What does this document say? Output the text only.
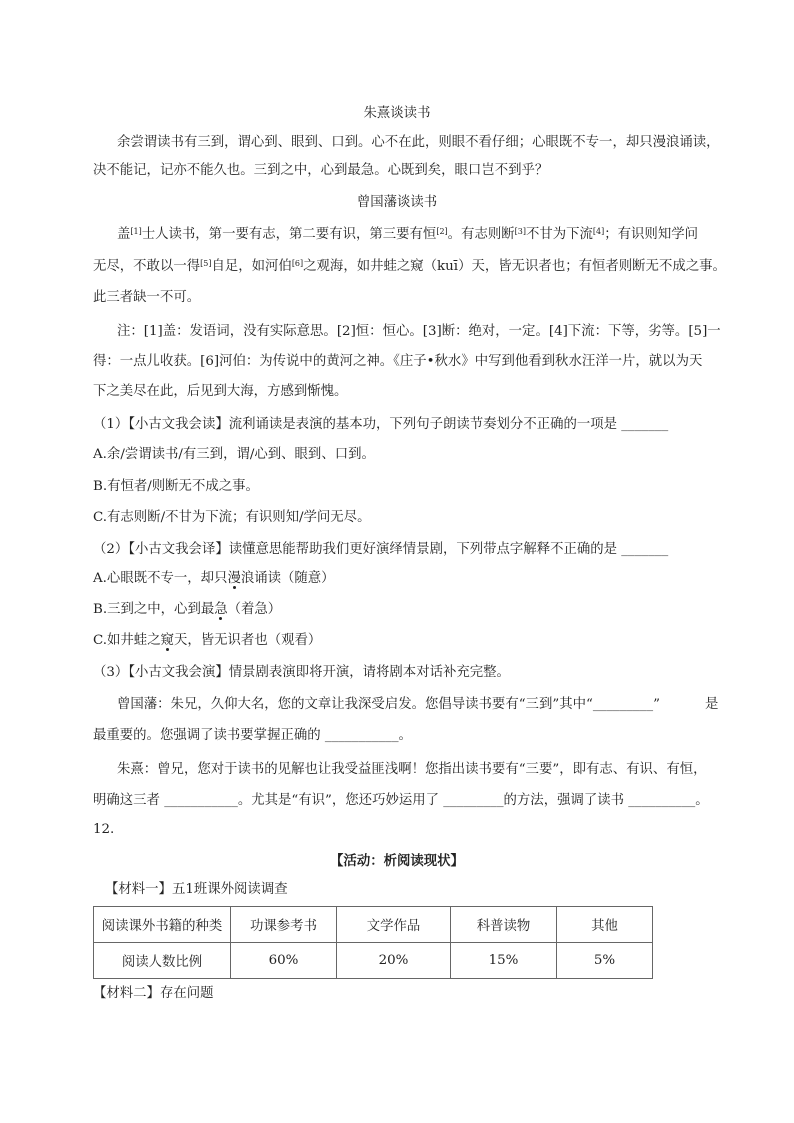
朱熹谈读书
余尝谓读书有三到，谓心到、眼到、口到。心不在此，则眼不看仔细；心眼既不专一，却只漫浪诵读，
决不能记，记亦不能久也。三到之中，心到最急。心既到矣，眼口岂不到乎？
曾国藩谈读书
盖[1]士人读书，第一要有志，第二要有识，第三要有恒[2]。有志则断[3]不甘为下流[4]；有识则知学问
无尽，不敢以一得[5]自足，如河伯[6]之观海，如井蛙之窥（kuī）天，皆无识者也；有恒者则断无不成之事。
此三者缺一不可。
注：[1]盖：发语词，没有实际意思。[2]恒：恒心。[3]断：绝对，一定。[4]下流：下等，劣等。[5]一
得：一点儿收获。[6]河伯：为传说中的黄河之神。《庄子•秋水》中写到他看到秋水汪洋一片，就以为天
下之美尽在此，后见到大海，方感到惭愧。
（1）【小古文我会读】流利诵读是表演的基本功，下列句子朗读节奏划分不正确的一项是 _______
A.余/尝谓读书/有三到，谓/心到、眼到、口到。
B.有恒者/则断无不成之事。
C.有志则断/不甘为下流；有识则知/学问无尽。
（2）【小古文我会译】读懂意思能帮助我们更好演绎情景剧，下列带点字解释不正确的是 _______
A.心眼既不专一，却只漫浪诵读（随意）
B.三到之中，心到最急（着急）
C.如井蛙之窥天，皆无识者也（观看）
（3）【小古文我会演】情景剧表演即将开演，请将剧本对话补充完整。
曾国藩：朱兄，久仰大名，您的文章让我深受启发。您倡导读书要有“三到”其中“_________”	是
最重要的。您强调了读书要掌握正确的 ___________。
朱熹：曾兄，您对于读书的见解也让我受益匪浅啊！您指出读书要有“三要”，即有志、有识、有恒，
明确这三者 ___________。尤其是“有识”，您还巧妙运用了 _________的方法，强调了读书 __________。
12.
【活动：析阅读现状】
【材料一】五1班课外阅读调查
阅读课外书籍的种类	功课参考书	文学作品	科普读物	其他
阅读人数比例	60%	20%	15%	5%
【材料二】存在问题
